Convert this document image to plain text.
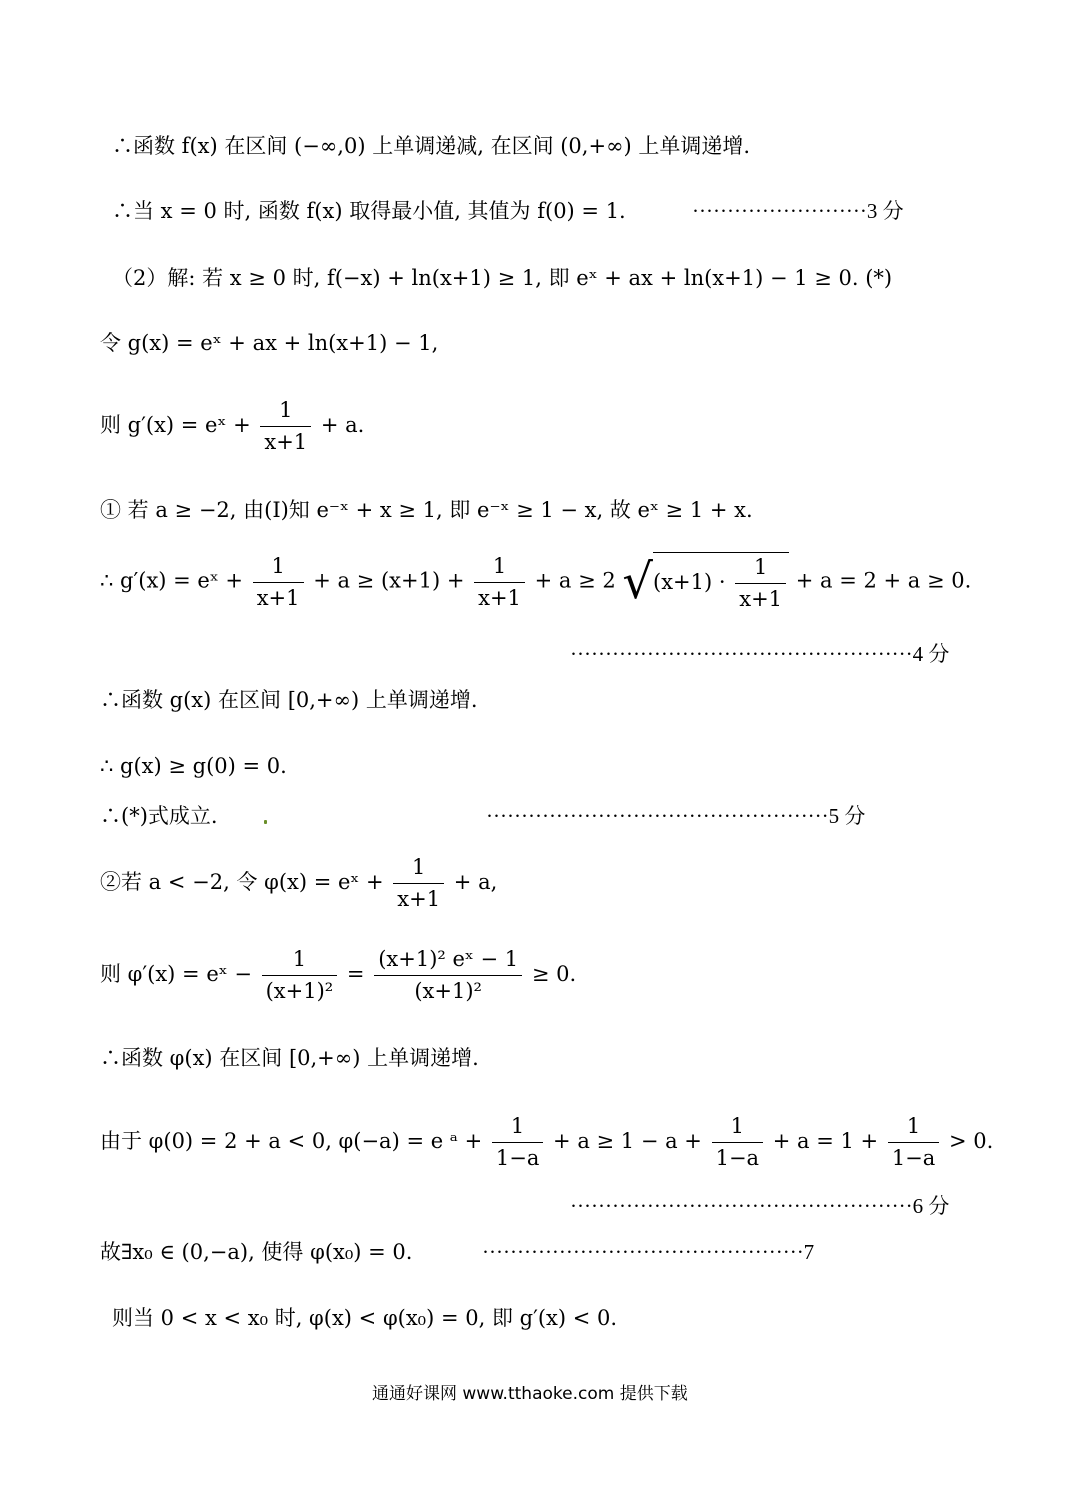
∴函数 f(x) 在区间 (−∞,0) 上单调递减, 在区间 (0,+∞) 上单调递增.
∴当 x = 0 时, 函数 f(x) 取得最小值, 其值为 f(0) = 1.	·························3 分
（2）解: 若 x ≥ 0 时, f(−x) + ln(x+1) ≥ 1, 即 eˣ + ax + ln(x+1) − 1 ≥ 0. (*)
令 g(x) = eˣ + ax + ln(x+1) − 1,
则 g′(x) = eˣ + $\frac{1}{x+1} + a$.
① 若 a ≥ −2, 由(Ⅰ)知 e⁻ˣ + x ≥ 1, 即 e⁻ˣ ≥ 1 − x, 故 eˣ ≥ 1 + x.
∴ g′(x) = eˣ + $\frac{1}{x+1} + a \ge (x+1) + \frac{1}{x+1} + a \ge 2$ $√(x+1) \cdot \frac{1}{x+1} + a = 2 + a \ge 0$.
·················································4 分
∴函数 g(x) 在区间 [0,+∞) 上单调递增.
∴ g(x) ≥ g(0) = 0.
∴(*)式成立.	·················································5 分
②若 a < −2, 令 φ(x) = eˣ + $\frac{1}{x+1} + a$,
则 φ′(x) = eˣ − $\frac{1}{\text{(x+1)²}} = \frac{\text{(x+1)² eˣ − 1}}{\text{(x+1)²}} \ge 0$.
∴函数 φ(x) 在区间 [0,+∞) 上单调递增.
由于 φ(0) = 2 + a < 0, φ(−a) = e ᵃ + $\frac{1}{1-a} + a \ge 1 - a + \frac{1}{1-a} + a = 1 + \frac{1}{1-a} > 0$.
·················································6 分
故∃x₀ ∈ (0,−a), 使得 φ(x₀) = 0.	··············································7
则当 0 < x < x₀ 时, φ(x) < φ(x₀) = 0, 即 g′(x) < 0.
通通好课网 www.tthaoke.com 提供下载
